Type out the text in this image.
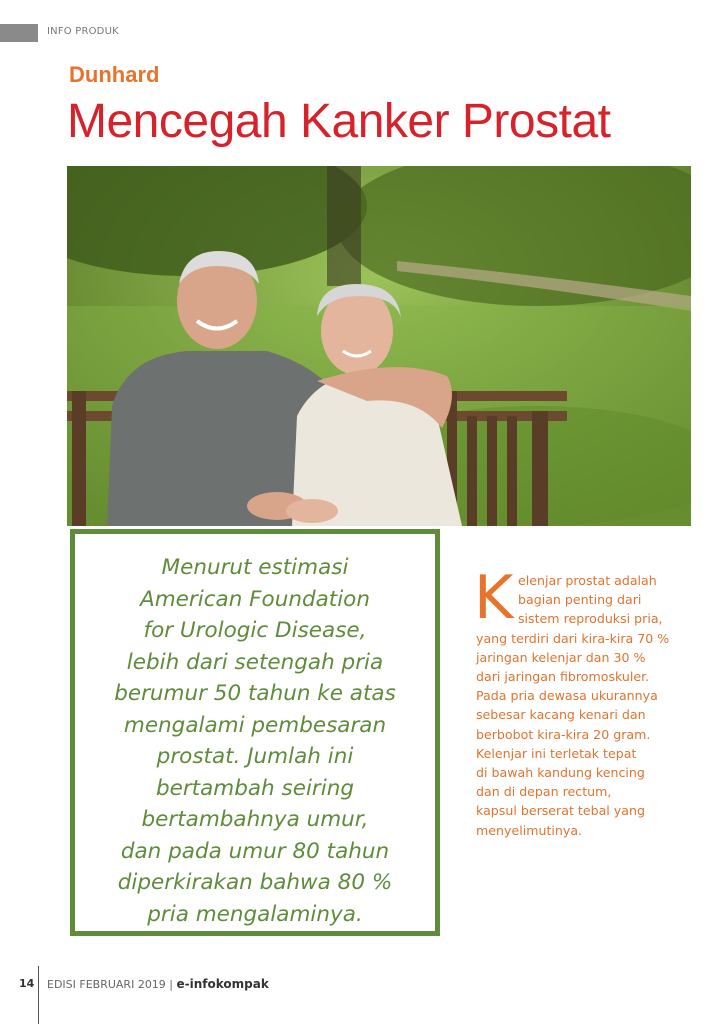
INFO PRODUK
Dunhard
Mencegah Kanker Prostat
Menurut estimasi
American Foundation
for Urologic Disease,
lebih dari setengah pria
berumur 50 tahun ke atas
mengalami pembesaran
prostat. Jumlah ini
bertambah seiring
bertambahnya umur,
dan pada umur 80 tahun
diperkirakan bahwa 80 %
pria mengalaminya.
K elenjar prostat adalah
bagian penting dari
sistem reproduksi pria,
yang terdiri dari kira-kira 70 %
jaringan kelenjar dan 30 %
dari jaringan fibromoskuler.
Pada pria dewasa ukurannya
sebesar kacang kenari dan
berbobot kira-kira 20 gram.
Kelenjar ini terletak tepat
di bawah kandung kencing
dan di depan rectum,
kapsul berserat tebal yang
menyelimutinya.
14 EDISI FEBRUARI 2019 | e-infokompak
